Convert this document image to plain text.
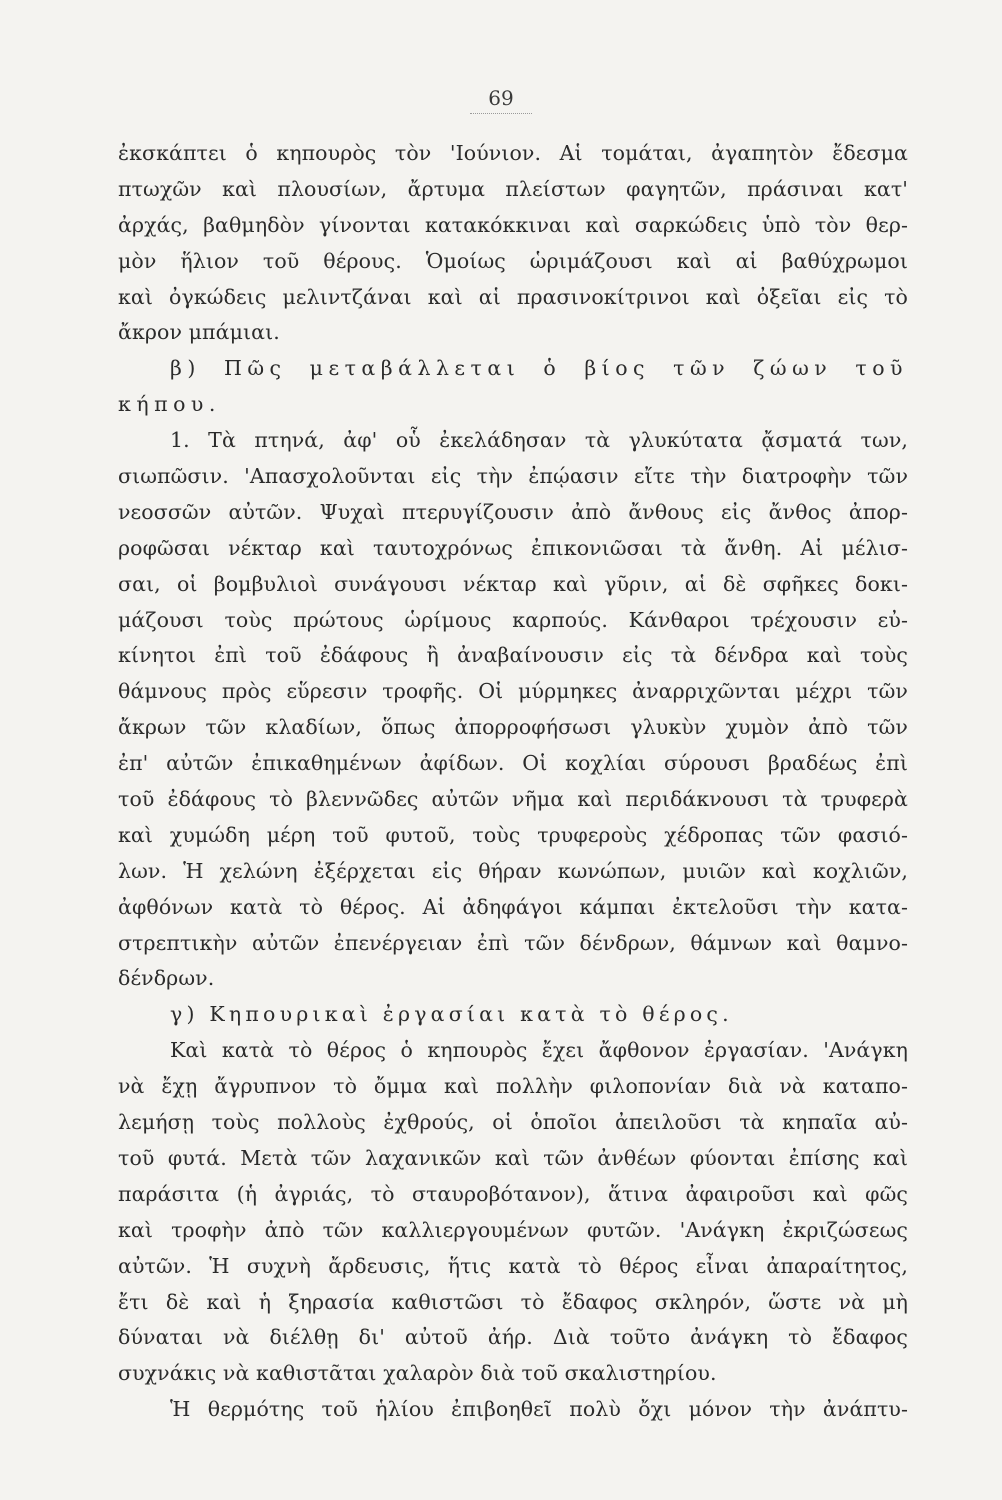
69
ἐκσκάπτει ὁ κηπουρὸς τὸν 'Ιούνιον. Αἱ τομάται, ἀγαπητὸν ἔδεσμα
πτωχῶν καὶ πλουσίων, ἄρτυμα πλείστων φαγητῶν, πράσιναι κατ'
ἀρχάς, βαθμηδὸν γίνονται κατακόκκιναι καὶ σαρκώδεις ὑπὸ τὸν θερ-
μὸν ἥλιον τοῦ θέρους. Ὁμοίως ὡριμάζουσι καὶ αἱ βαθύχρωμοι
καὶ ὀγκώδεις μελιντζάναι καὶ αἱ πρασινοκίτρινοι καὶ ὀξεῖαι εἰς τὸ
ἄκρον μπάμιαι.
β) Πῶς μεταβάλλεται ὁ βίος τῶν ζώων τοῦ
κήπου.
1. Τὰ πτηνά, ἀφ' οὗ ἐκελάδησαν τὰ γλυκύτατα ᾄσματά των,
σιωπῶσιν. 'Απασχολοῦνται εἰς τὴν ἐπῴασιν εἴτε τὴν διατροφὴν τῶν
νεοσσῶν αὐτῶν. Ψυχαὶ πτερυγίζουσιν ἀπὸ ἄνθους εἰς ἄνθος ἀπορ-
ροφῶσαι νέκταρ καὶ ταυτοχρόνως ἐπικονιῶσαι τὰ ἄνθη. Αἱ μέλισ-
σαι, οἱ βομβυλιοὶ συνάγουσι νέκταρ καὶ γῦριν, αἱ δὲ σφῆκες δοκι-
μάζουσι τοὺς πρώτους ὡρίμους καρπούς. Κάνθαροι τρέχουσιν εὐ-
κίνητοι ἐπὶ τοῦ ἐδάφους ἢ ἀναβαίνουσιν εἰς τὰ δένδρα καὶ τοὺς
θάμνους πρὸς εὕρεσιν τροφῆς. Οἱ μύρμηκες ἀναρριχῶνται μέχρι τῶν
ἄκρων τῶν κλαδίων, ὅπως ἀπορροφήσωσι γλυκὺν χυμὸν ἀπὸ τῶν
ἐπ' αὐτῶν ἐπικαθημένων ἀφίδων. Οἱ κοχλίαι σύρουσι βραδέως ἐπὶ
τοῦ ἐδάφους τὸ βλεννῶδες αὐτῶν νῆμα καὶ περιδάκνουσι τὰ τρυφερὰ
καὶ χυμώδη μέρη τοῦ φυτοῦ, τοὺς τρυφεροὺς χέδροπας τῶν φασιό-
λων. Ἡ χελώνη ἐξέρχεται εἰς θήραν κωνώπων, μυιῶν καὶ κοχλιῶν,
ἀφθόνων κατὰ τὸ θέρος. Αἱ ἀδηφάγοι κάμπαι ἐκτελοῦσι τὴν κατα-
στρεπτικὴν αὐτῶν ἐπενέργειαν ἐπὶ τῶν δένδρων, θάμνων καὶ θαμνο-
δένδρων.
γ) Κηπουρικαὶ ἐργασίαι κατὰ τὸ θέρος.
Καὶ κατὰ τὸ θέρος ὁ κηπουρὸς ἔχει ἄφθονον ἐργασίαν. 'Ανάγκη
νὰ ἔχῃ ἄγρυπνον τὸ ὄμμα καὶ πολλὴν φιλοπονίαν διὰ νὰ καταπο-
λεμήσῃ τοὺς πολλοὺς ἐχθρούς, οἱ ὁποῖοι ἀπειλοῦσι τὰ κηπαῖα αὐ-
τοῦ φυτά. Μετὰ τῶν λαχανικῶν καὶ τῶν ἀνθέων φύονται ἐπίσης καὶ
παράσιτα (ἡ ἀγριάς, τὸ σταυροβότανον), ἅτινα ἀφαιροῦσι καὶ φῶς
καὶ τροφὴν ἀπὸ τῶν καλλιεργουμένων φυτῶν. 'Ανάγκη ἐκριζώσεως
αὐτῶν. Ἡ συχνὴ ἄρδευσις, ἥτις κατὰ τὸ θέρος εἶναι ἀπαραίτητος,
ἔτι δὲ καὶ ἡ ξηρασία καθιστῶσι τὸ ἔδαφος σκληρόν, ὥστε νὰ μὴ
δύναται νὰ διέλθῃ δι' αὐτοῦ ἀήρ. Διὰ τοῦτο ἀνάγκη τὸ ἔδαφος
συχνάκις νὰ καθιστᾶται χαλαρὸν διὰ τοῦ σκαλιστηρίου.
Ἡ θερμότης τοῦ ἡλίου ἐπιβοηθεῖ πολὺ ὄχι μόνον τὴν ἀνάπτυ-
